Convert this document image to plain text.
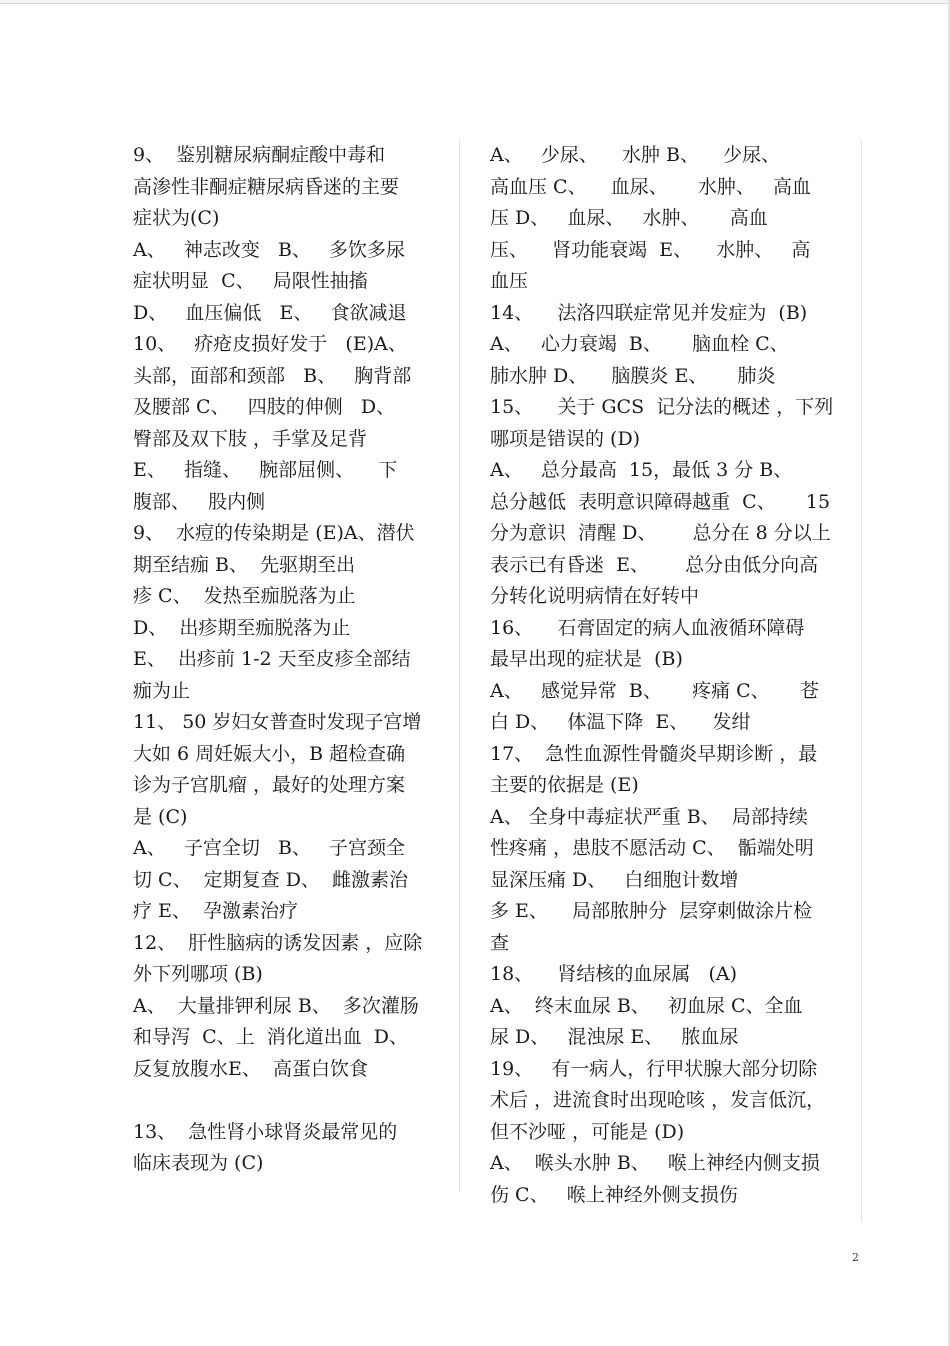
9、  鉴别糖尿病酮症酸中毒和

高渗性非酮症糖尿病昏迷的主要

症状为(C)

A、   神志改变   B、   多饮多尿

症状明显  C、   局限性抽搐

D、   血压偏低   E、   食欲减退

10、   疥疮皮损好发于   (E)A、

头部，面部和颈部   B、   胸背部

及腰部 C、   四肢的伸侧   D、

臀部及双下肢 ，手掌及足背

E、   指缝、   腕部屈侧、    下

腹部、   股内侧

9、  水痘的传染期是 (E)A、潜伏

期至结痂 B、  先驱期至出

疹 C、  发热至痂脱落为止

D、  出疹期至痂脱落为止

E、  出疹前 1-2 天至皮疹全部结

痂为止

11、 50 岁妇女普查时发现子宫增

大如 6 周妊娠大小，B 超检查确

诊为子宫肌瘤 ，最好的处理方案

是 (C)

A、   子宫全切   B、   子宫颈全

切 C、  定期复查 D、  雌激素治

疗 E、  孕激素治疗

12、  肝性脑病的诱发因素 ，应除

外下列哪项 (B)

A、  大量排钾利尿 B、  多次灌肠

和导泻  C、上  消化道出血  D、

反复放腹水E、  高蛋白饮食

13、  急性肾小球肾炎最常见的

临床表现为 (C)

A、   少尿、    水肿 B、    少尿、

高血压 C、    血尿、     水肿、   高血

压 D、   血尿、   水肿、     高血

压、    肾功能衰竭  E、    水肿、   高

血压

14、    法洛四联症常见并发症为  (B)

A、   心力衰竭  B、     脑血栓 C、

肺水肿 D、    脑膜炎 E、     肺炎

15、    关于 GCS  记分法的概述 ，下列

哪项是错误的 (D)

A、   总分最高  15，最低 3 分 B、

总分越低  表明意识障碍越重  C、     15

分为意识  清醒 D、      总分在 8 分以上

表示已有昏迷  E、      总分由低分向高

分转化说明病情在好转中

16、    石膏固定的病人血液循环障碍

最早出现的症状是  (B)

A、   感觉异常  B、     疼痛 C、     苍

白 D、   体温下降  E、    发绀

17、  急性血源性骨髓炎早期诊断 ，最

主要的依据是 (E)

A、 全身中毒症状严重 B、  局部持续

性疼痛 ，患肢不愿活动 C、  骺端处明

显深压痛 D、   白细胞计数增

多 E、    局部脓肿分  层穿刺做涂片检

查

18、    肾结核的血尿属   (A)

A、  终末血尿 B、   初血尿 C、全血

尿 D、   混浊尿 E、   脓血尿

19、   有一病人，行甲状腺大部分切除

术后 ，进流食时出现呛咳 ，发言低沉，

但不沙哑 ，可能是 (D)

A、  喉头水肿 B、   喉上神经内侧支损

伤 C、   喉上神经外侧支损伤

2
